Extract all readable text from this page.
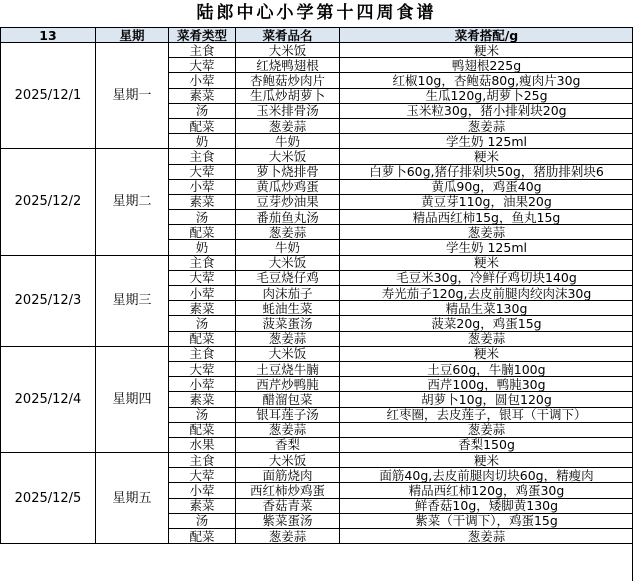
陆郎中心小学第十四周食谱
13	星期	菜肴类型	菜肴品名	菜肴搭配/g
2025/12/1	星期一	主食	大米饭	粳米
		大荤	红烧鸭翅根	鸭翅根225g
		小荤	杏鲍菇炒肉片	红椒10g，杏鲍菇80g,瘦肉片30g
		素菜	生瓜炒胡萝卜	生瓜120g,胡萝卜25g
		汤	玉米排骨汤	玉米粒30g，猪小排剁块20g
		配菜	葱姜蒜	葱姜蒜
		奶	牛奶	学生奶 125ml
2025/12/2	星期二	主食	大米饭	粳米
		大荤	萝卜烧排骨	白萝卜60g,猪仔排剁块50g，猪肋排剁块6
		小荤	黄瓜炒鸡蛋	黄瓜90g，鸡蛋40g
		素菜	豆芽炒油果	黄豆芽110g，油果20g
		汤	番茄鱼丸汤	精品西红柿15g，鱼丸15g
		配菜	葱姜蒜	葱姜蒜
		奶	牛奶	学生奶 125ml
2025/12/3	星期三	主食	大米饭	粳米
		大荤	毛豆烧仔鸡	毛豆米30g，冷鲜仔鸡切块140g
		小荤	肉沫茄子	寿光茄子120g,去皮前腿肉绞肉沫30g
		素菜	蚝油生菜	精品生菜130g
		汤	菠菜蛋汤	菠菜20g，鸡蛋15g
		配菜	葱姜蒜	葱姜蒜
2025/12/4	星期四	主食	大米饭	粳米
		大荤	土豆烧牛腩	土豆60g，牛腩100g
		小荤	西芹炒鸭肫	西芹100g，鸭肫30g
		素菜	醋溜包菜	胡萝卜10g，圆包120g
		汤	银耳莲子汤	红枣圈，去皮莲子，银耳（干调下）
		配菜	葱姜蒜	葱姜蒜
		水果	香梨	香梨150g
2025/12/5	星期五	主食	大米饭	粳米
		大荤	面筋烧肉	面筋40g,去皮前腿肉切块60g，精瘦肉
		小荤	西红柿炒鸡蛋	精品西红柿120g，鸡蛋30g
		素菜	香菇青菜	鲜香菇10g，矮脚黄130g
		汤	紫菜蛋汤	紫菜（干调下），鸡蛋15g
		配菜	葱姜蒜	葱姜蒜
